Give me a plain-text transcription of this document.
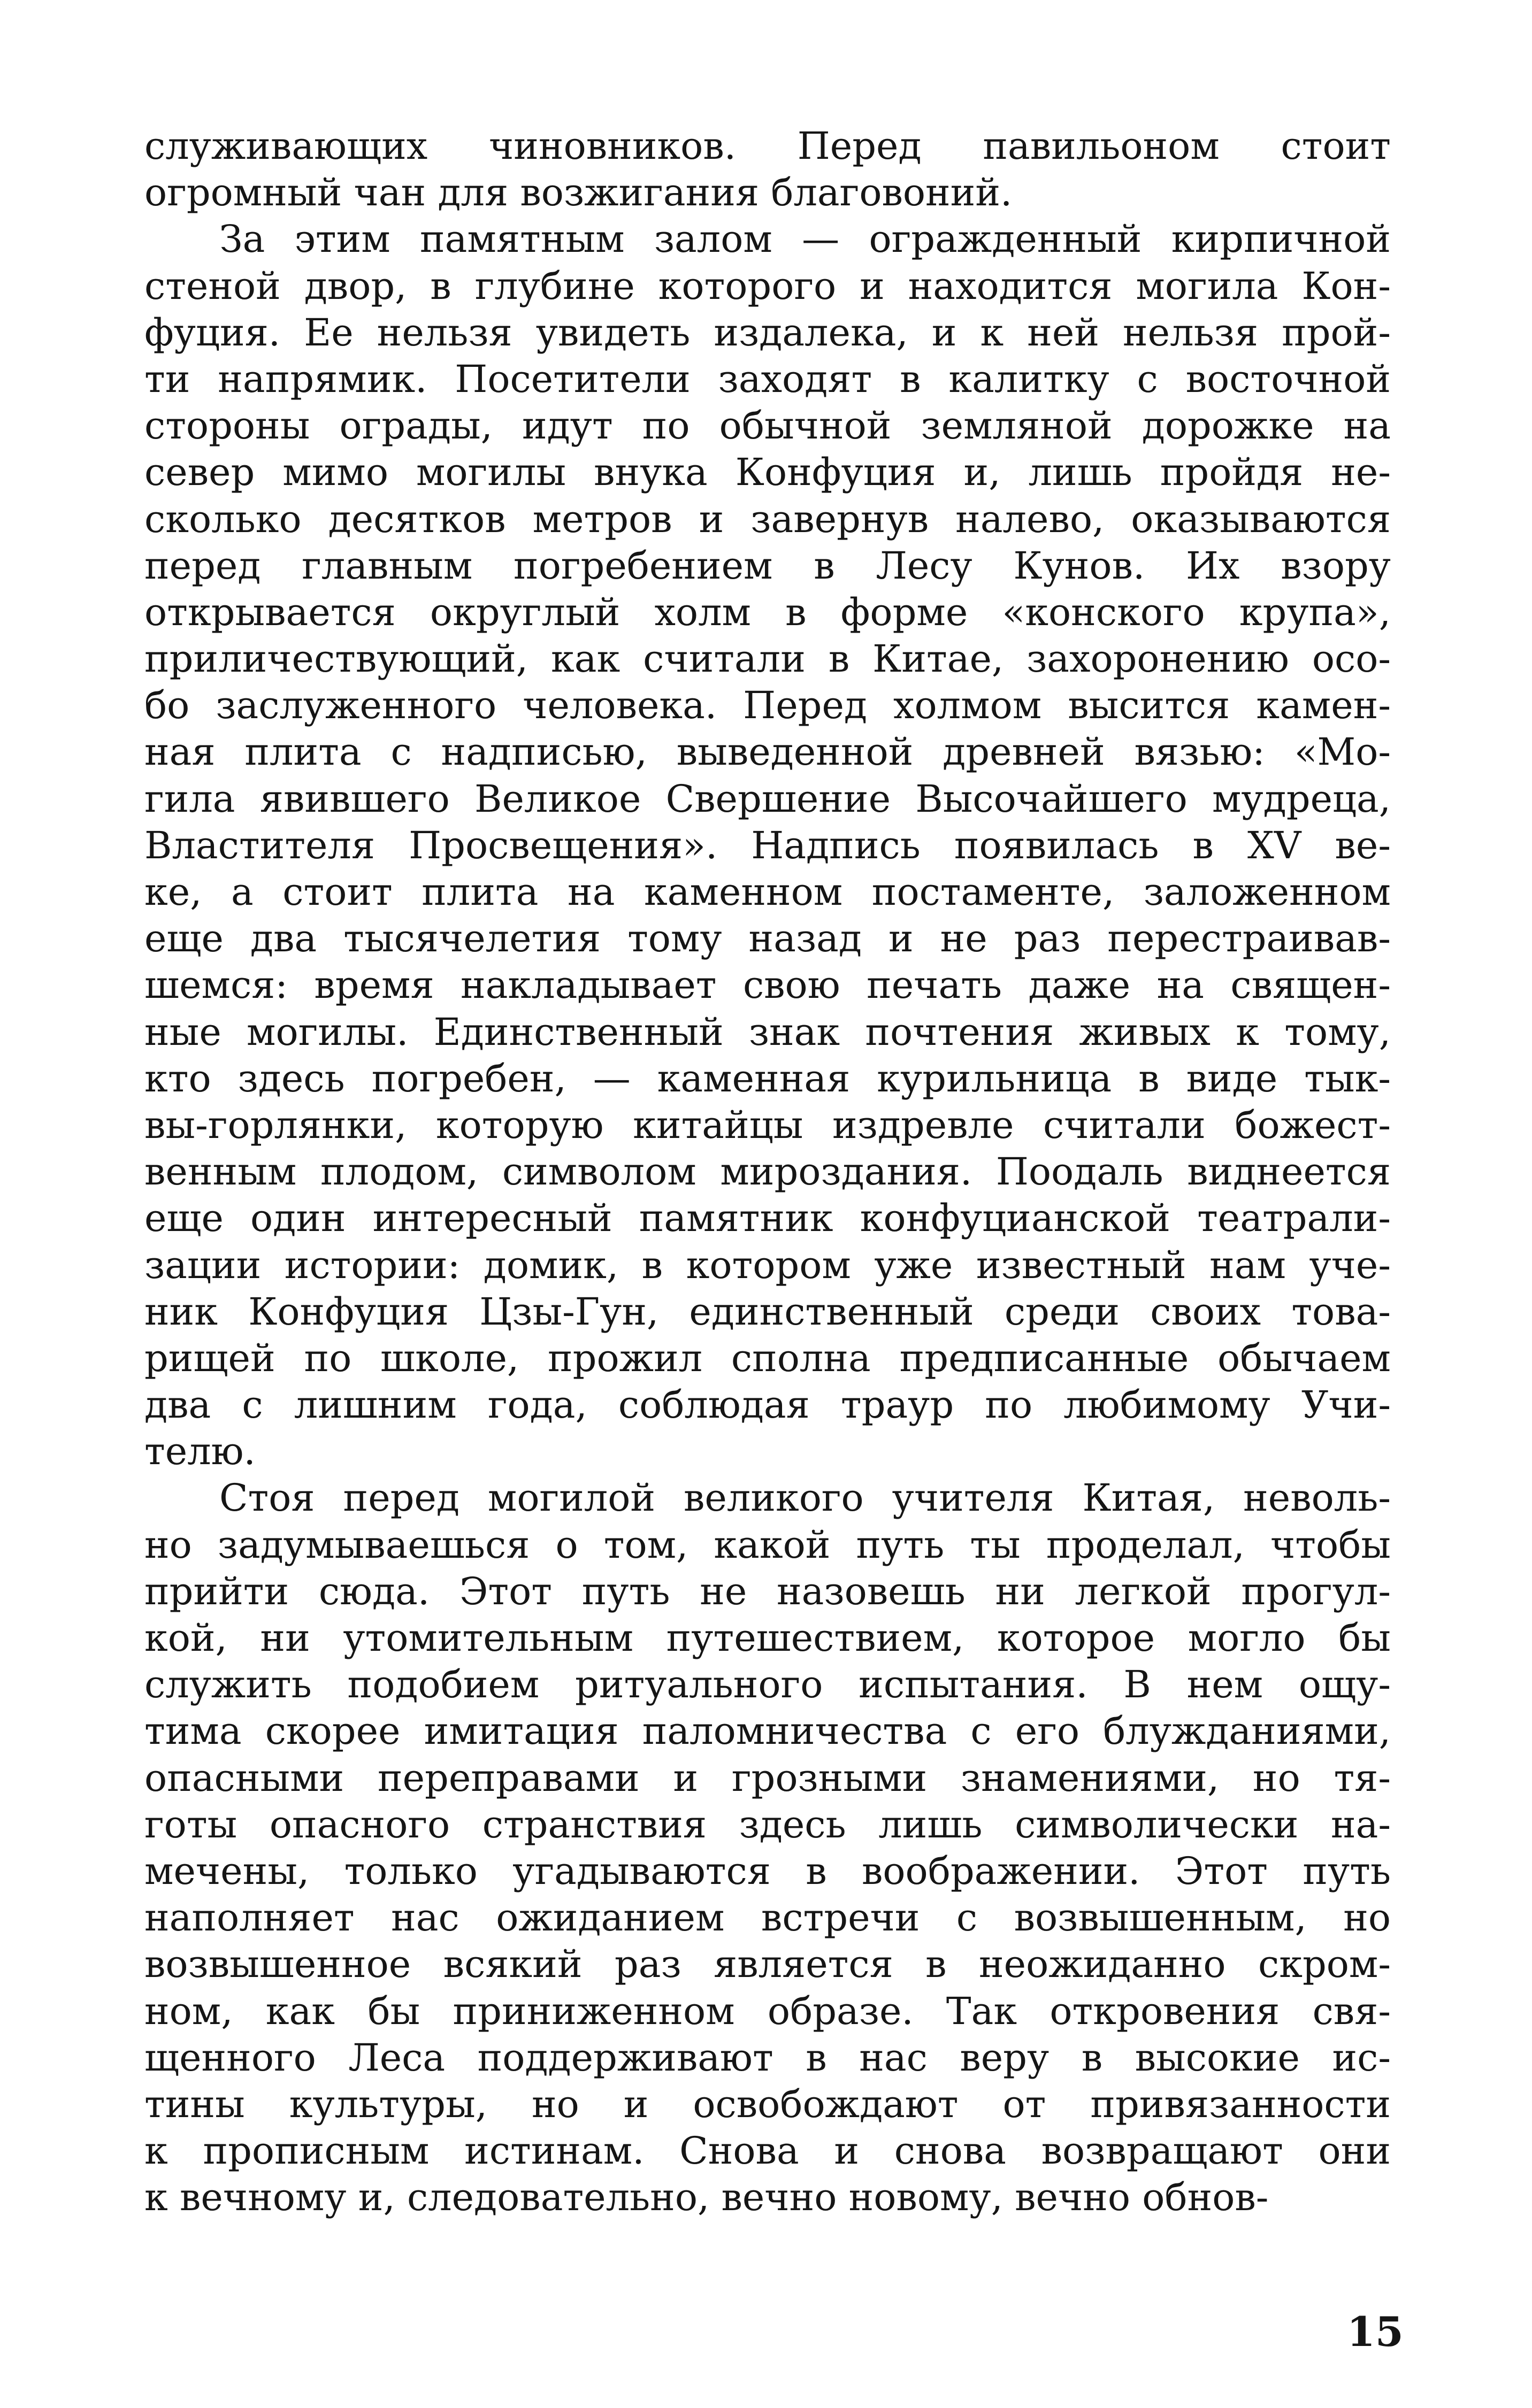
служивающих чиновников. Перед павильоном стоит
огромный чан для возжигания благовоний.
За этим памятным залом — огражденный кирпичной
стеной двор, в глубине которого и находится могила Кон-
фуция. Ее нельзя увидеть издалека, и к ней нельзя прой-
ти напрямик. Посетители заходят в калитку с восточной
стороны ограды, идут по обычной земляной дорожке на
север мимо могилы внука Конфуция и, лишь пройдя не-
сколько десятков метров и завернув налево, оказываются
перед главным погребением в Лесу Кунов. Их взору
открывается округлый холм в форме «конского крупа»,
приличествующий, как считали в Китае, захоронению осо-
бо заслуженного человека. Перед холмом высится камен-
ная плита с надписью, выведенной древней вязью: «Мо-
гила явившего Великое Свершение Высочайшего мудреца,
Властителя Просвещения». Надпись появилась в XV ве-
ке, а стоит плита на каменном постаменте, заложенном
еще два тысячелетия тому назад и не раз перестраивав-
шемся: время накладывает свою печать даже на священ-
ные могилы. Единственный знак почтения живых к тому,
кто здесь погребен, — каменная курильница в виде тык-
вы-горлянки, которую китайцы издревле считали божест-
венным плодом, символом мироздания. Поодаль виднеется
еще один интересный памятник конфуцианской театрали-
зации истории: домик, в котором уже известный нам уче-
ник Конфуция Цзы-Гун, единственный среди своих това-
рищей по школе, прожил сполна предписанные обычаем
два с лишним года, соблюдая траур по любимому Учи-
телю.
Стоя перед могилой великого учителя Китая, неволь-
но задумываешься о том, какой путь ты проделал, чтобы
прийти сюда. Этот путь не назовешь ни легкой прогул-
кой, ни утомительным путешествием, которое могло бы
служить подобием ритуального испытания. В нем ощу-
тима скорее имитация паломничества с его блужданиями,
опасными переправами и грозными знамениями, но тя-
готы опасного странствия здесь лишь символически на-
мечены, только угадываются в воображении. Этот путь
наполняет нас ожиданием встречи с возвышенным, но
возвышенное всякий раз является в неожиданно скром-
ном, как бы приниженном образе. Так откровения свя-
щенного Леса поддерживают в нас веру в высокие ис-
тины культуры, но и освобождают от привязанности
к прописным истинам. Снова и снова возвращают они
к вечному и, следовательно, вечно новому, вечно обнов-
15
